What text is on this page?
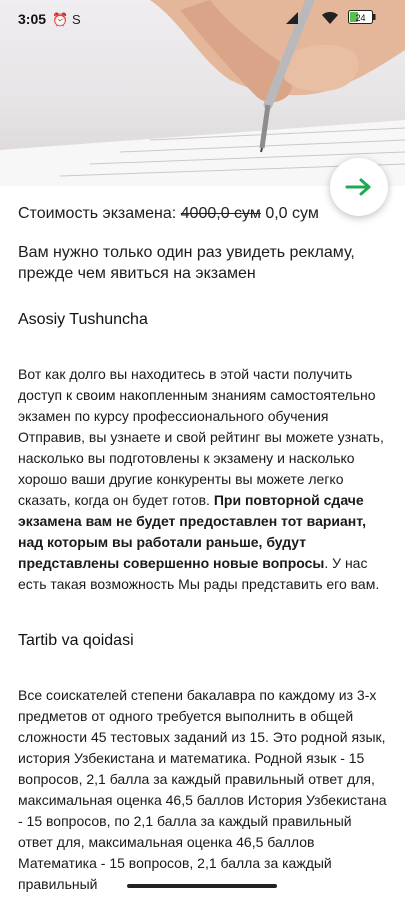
3:05 ⏰ S	24
Стоимость экзамена: 4000,0 сум 0,0 сум
Вам нужно только один раз увидеть рекламу, прежде чем явиться на экзамен
Asosiy Tushuncha
Вот как долго вы находитесь в этой части получить доступ к своим накопленным знаниям самостоятельно экзамен по курсу профессионального обучения Отправив, вы узнаете и свой рейтинг вы можете узнать, насколько вы подготовлены к экзамену и насколько хорошо ваши другие конкуренты вы можете легко сказать, когда он будет готов. При повторной сдаче экзамена вам не будет предоставлен тот вариант, над которым вы работали раньше, будут представлены совершенно новые вопросы. У нас есть такая возможность Мы рады представить его вам.
Tartib va qoidasi
Все соискателей степени бакалавра по каждому из 3-х предметов от одного требуется выполнить в общей сложности 45 тестовых заданий из 15. Это родной язык, история Узбекистана и математика. Родной язык - 15 вопросов, 2,1 балла за каждый правильный ответ для, максимальная оценка 46,5 баллов История Узбекистана - 15 вопросов, по 2,1 балла за каждый правильный ответ для, максимальная оценка 46,5 баллов Математика - 15 вопросов, 2,1 балла за каждый правильный
